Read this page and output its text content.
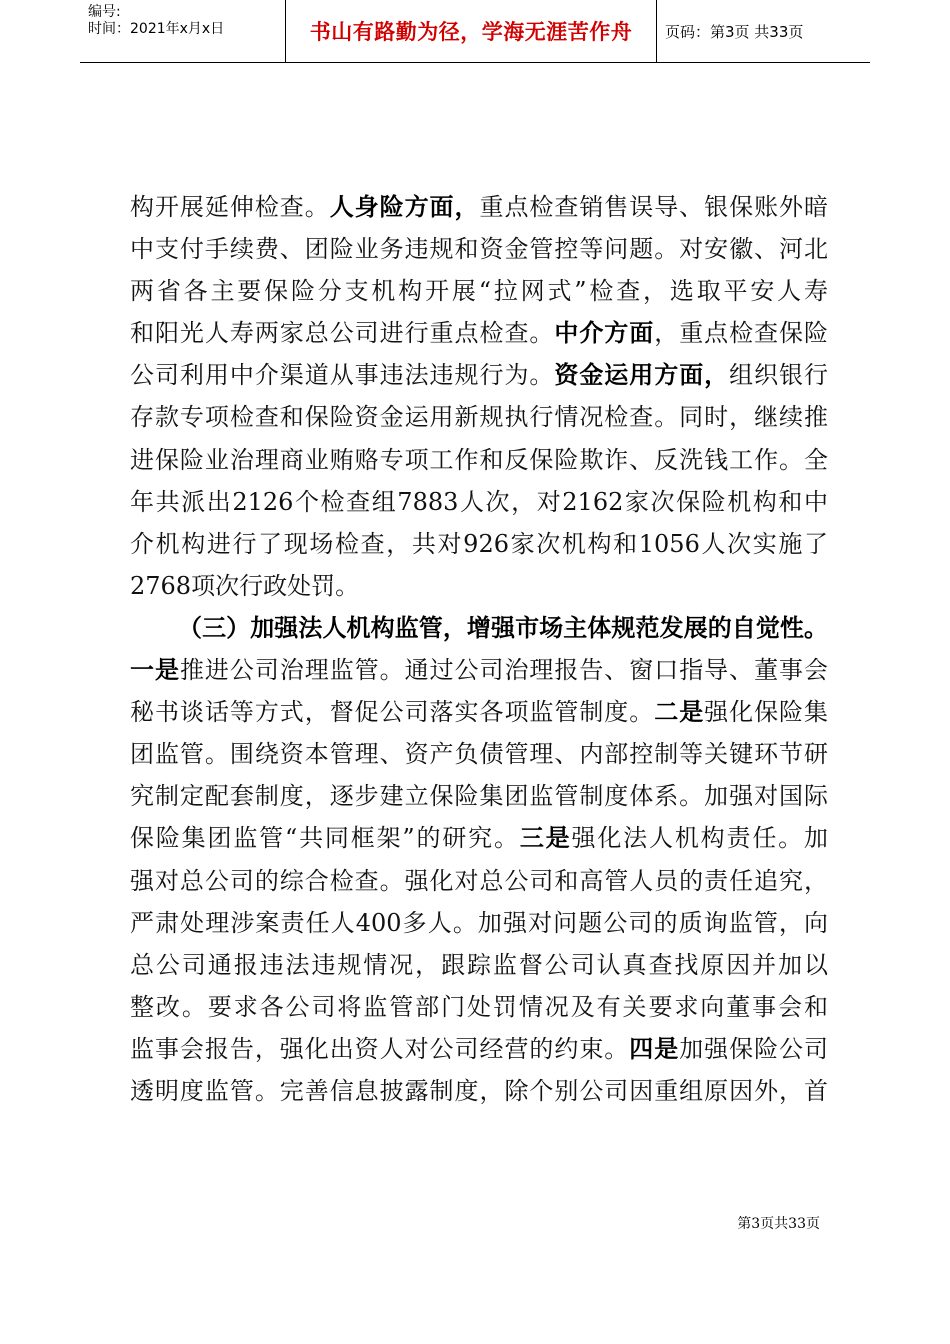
编号:
时间：2021年x月x日	书山有路勤为径，学海无涯苦作舟	页码：第3页 共33页
构开展延伸检查。人身险方面，重点检查销售误导、银保账外暗
中支付手续费、团险业务违规和资金管控等问题。对安徽、河北
两省各主要保险分支机构开展“拉网式”检查，选取平安人寿
和阳光人寿两家总公司进行重点检查。中介方面，重点检查保险
公司利用中介渠道从事违法违规行为。资金运用方面，组织银行
存款专项检查和保险资金运用新规执行情况检查。同时，继续推
进保险业治理商业贿赂专项工作和反保险欺诈、反洗钱工作。全
年共派出2126个检查组7883人次，对2162家次保险机构和中
介机构进行了现场检查，共对926家次机构和1056人次实施了
2768项次行政处罚。
（三）加强法人机构监管，增强市场主体规范发展的自觉性。
一是推进公司治理监管。通过公司治理报告、窗口指导、董事会
秘书谈话等方式，督促公司落实各项监管制度。二是强化保险集
团监管。围绕资本管理、资产负债管理、内部控制等关键环节研
究制定配套制度，逐步建立保险集团监管制度体系。加强对国际
保险集团监管“共同框架”的研究。三是强化法人机构责任。加
强对总公司的综合检查。强化对总公司和高管人员的责任追究，
严肃处理涉案责任人400多人。加强对问题公司的质询监管，向
总公司通报违法违规情况，跟踪监督公司认真查找原因并加以
整改。要求各公司将监管部门处罚情况及有关要求向董事会和
监事会报告，强化出资人对公司经营的约束。四是加强保险公司
透明度监管。完善信息披露制度，除个别公司因重组原因外，首
第3页共33页
